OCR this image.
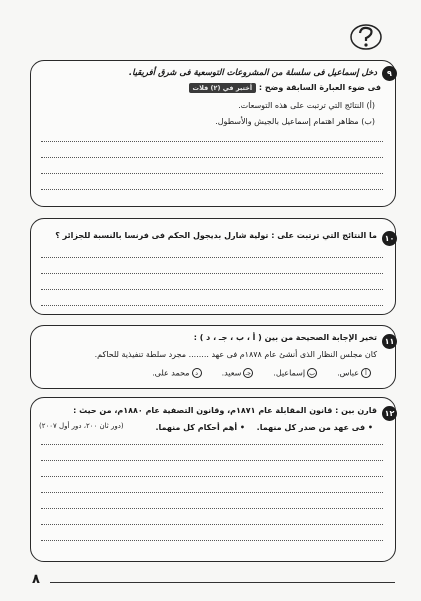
٩
دخل إسماعيل فى سلسلة من المشروعات التوسعية فى شرق أفريقيا.
فى ضوء العبارة السابقة وضح : أختبر في (٢) فلات
(أ) النتائج التي ترتبت على هذه التوسعات.
(ب) مظاهر اهتمام إسماعيل بالجيش والأسطول.
١٠
ما النتائج التي ترتبت على : تولية شارل بديجول الحكم فى فرنسا بالنسبة للجزائر ؟
١١
تخير الإجابة الصحيحة من بين ( أ ، ب ، جـ ، د ) :
كان مجلس النظار الذى أنشئ عام ١٨٧٨م فى عهد ........ مجرد سلطة تنفيذية للحاكم.
أعباس.
بإسماعيل.
جـسعيد.
دمحمد على.
١٢
قارن بين : قانون المقابلة عام ١٨٧١م، وقانون التصفية عام ١٨٨٠م، من حيث :
• فى عهد من صدر كل منهما.
• أهم أحكام كل منهما.
(دور ثان ٢٠٠، دور أول ٢٠٠٧)
٨
